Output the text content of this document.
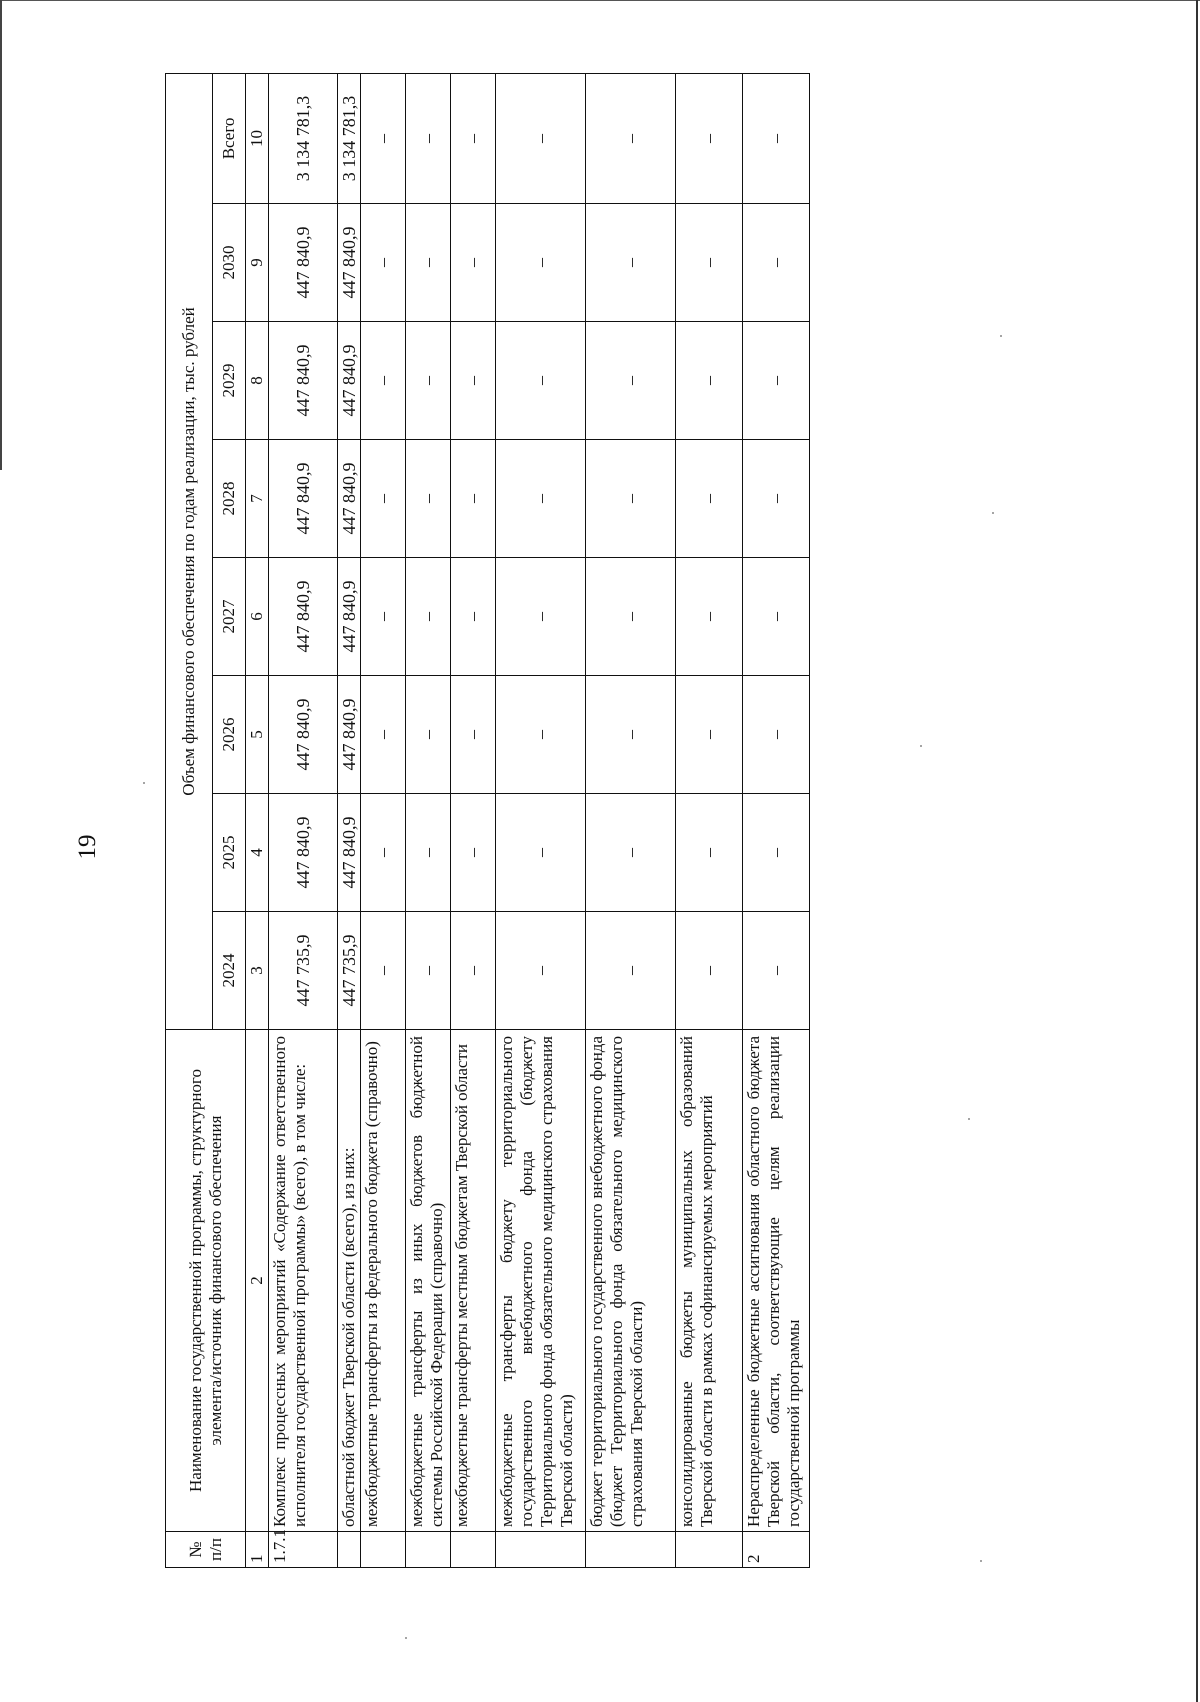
19
№ п/п	Наименование государственной программы, структурного элемента/источник финансового обеспечения	Объем финансового обеспечения по годам реализации, тыс. рублей							
		2024	2025	2026	2027	2028	2029	2030	Всего
1	2	3	4	5	6	7	8	9	10
1.7.1	Комплекс процессных мероприятий «Содержание ответственного исполнителя государственной программы» (всего), в том числе:	447 735,9	447 840,9	447 840,9	447 840,9	447 840,9	447 840,9	447 840,9	3 134 781,3
	областной бюджет Тверской области (всего), из них:	447 735,9	447 840,9	447 840,9	447 840,9	447 840,9	447 840,9	447 840,9	3 134 781,3
	межбюджетные трансферты из федерального бюджета (справочно)	–	–	–	–	–	–	–	–
	межбюджетные трансферты из иных бюджетов бюджетной системы Российской Федерации (справочно)	–	–	–	–	–	–	–	–
	межбюджетные трансферты местным бюджетам Тверской области	–	–	–	–	–	–	–	–
	межбюджетные трансферты бюджету территориального государственного внебюджетного фонда (бюджету Территориального фонда обязательного медицинского страхования Тверской области)	–	–	–	–	–	–	–	–
	бюджет территориального государственного внебюджетного фонда (бюджет Территориального фонда обязательного медицинского страхования Тверской области)	–	–	–	–	–	–	–	–
	консолидированные бюджеты муниципальных образований Тверской области в рамках софинансируемых мероприятий	–	–	–	–	–	–	–	–
2	Нераспределенные бюджетные ассигнования областного бюджета Тверской области, соответствующие целям реализации государственной программы	–	–	–	–	–	–	–	–
